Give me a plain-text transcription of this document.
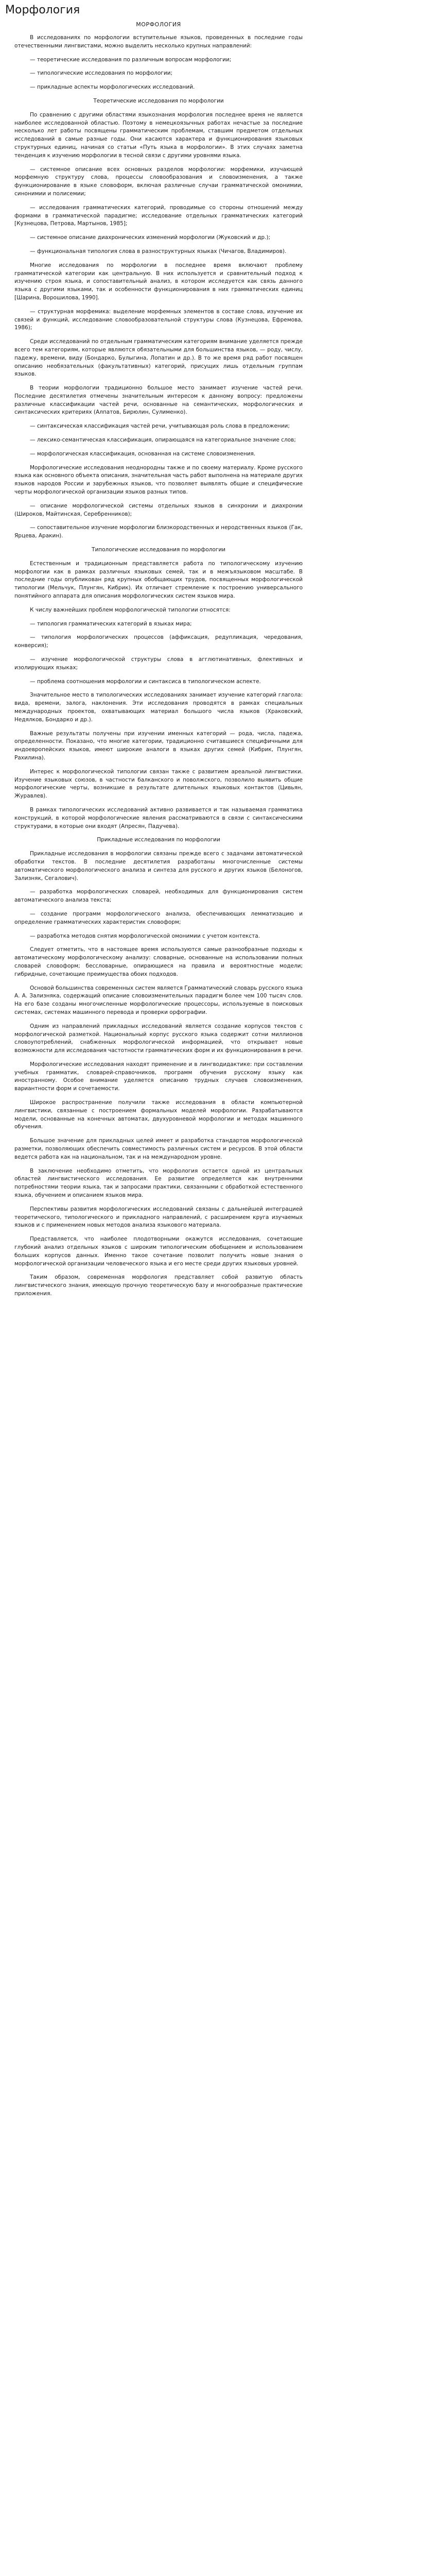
Морфология
МОРФОЛОГИЯ

В исследованиях по морфологии вступительные языков, проведенных в последние годы отечественными лингвистами, можно выделить несколько крупных направлений:

— теоретические исследования по различным вопросам морфологии;

— типологические исследования по морфологии;

— прикладные аспекты морфологических исследований.

Теоретические исследования по морфологии

По сравнению с другими областями языкознания морфология последнее время не является наиболее исследованной областью. Поэтому в немецкоязычных работах нечастые за последние несколько лет работы посвящены грамматическим проблемам, ставшим предметом отдельных исследований в самые разные годы. Они касаются характера и функционирования языковых структурных единиц, начиная со статьи «Путь языка в морфологии». В этих случаях заметна тенденция к изучению морфологии в тесной связи с другими уровнями языка.

— системное описание всех основных разделов морфологии: морфемики, изучающей морфемную структуру слова, процессы словообразования и словоизменения, а также функционирование в языке словоформ, включая различные случаи грамматической омонимии, синонимии и полисемии;

— исследования грамматических категорий, проводимые со стороны отношений между формами в грамматической парадигме; исследование отдельных грамматических категорий [Кузнецова, Петрова, Мартынов, 1985];

— системное описание диахронических изменений морфологии (Жуковский и др.);

— функциональная типология слова в разноструктурных языках (Чичагов, Владимиров).

Многие исследования по морфологии в последнее время включают проблему грамматической категории как центральную. В них используется и сравнительный подход к изучению строя языка, и сопоставительный анализ, в котором исследуется как связь данного языка с другими языками, так и особенности функционирования в них грамматических единиц [Шарина, Ворошилова, 1990].

— структурная морфемика: выделение морфемных элементов в составе слова, изучение их связей и функций, исследование словообразовательной структуры слова (Кузнецова, Ефремова, 1986);

Среди исследований по отдельным грамматическим категориям внимание уделяется прежде всего тем категориям, которые являются обязательными для большинства языков, — роду, числу, падежу, времени, виду (Бондарко, Булыгина, Лопатин и др.). В то же время ряд работ посвящен описанию необязательных (факультативных) категорий, присущих лишь отдельным группам языков.

В теории морфологии традиционно большое место занимает изучение частей речи. Последние десятилетия отмечены значительным интересом к данному вопросу: предложены различные классификации частей речи, основанные на семантических, морфологических и синтаксических критериях (Алпатов, Бирюлин, Сулименко).

— синтаксическая классификация частей речи, учитывающая роль слова в предложении;

— лексико-семантическая классификация, опирающаяся на категориальное значение слов;

— морфологическая классификация, основанная на системе словоизменения.

Морфологические исследования неоднородны также и по своему материалу. Кроме русского языка как основного объекта описания, значительная часть работ выполнена на материале других языков народов России и зарубежных языков, что позволяет выявлять общие и специфические черты морфологической организации языков разных типов.

— описание морфологической системы отдельных языков в синхронии и диахронии (Широков, Майтинская, Серебренников);

— сопоставительное изучение морфологии близкородственных и неродственных языков (Гак, Ярцева, Аракин).

Типологические исследования по морфологии

Естественным и традиционным представляется работа по типологическому изучению морфологии как в рамках различных языковых семей, так и в межъязыковом масштабе. В последние годы опубликован ряд крупных обобщающих трудов, посвященных морфологической типологии (Мельчук, Плунгян, Кибрик). Их отличает стремление к построению универсального понятийного аппарата для описания морфологических систем языков мира.

К числу важнейших проблем морфологической типологии относятся:

— типология грамматических категорий в языках мира;

— типология морфологических процессов (аффиксация, редупликация, чередования, конверсия);

— изучение морфологической структуры слова в агглютинативных, флективных и изолирующих языках;

— проблема соотношения морфологии и синтаксиса в типологическом аспекте.

Значительное место в типологических исследованиях занимает изучение категорий глагола: вида, времени, залога, наклонения. Эти исследования проводятся в рамках специальных международных проектов, охватывающих материал большого числа языков (Храковский, Недялков, Бондарко и др.).

Важные результаты получены при изучении именных категорий — рода, числа, падежа, определенности. Показано, что многие категории, традиционно считавшиеся специфичными для индоевропейских языков, имеют широкие аналоги в языках других семей (Кибрик, Плунгян, Рахилина).

Интерес к морфологической типологии связан также с развитием ареальной лингвистики. Изучение языковых союзов, в частности балканского и поволжского, позволило выявить общие морфологические черты, возникшие в результате длительных языковых контактов (Цивьян, Журавлев).

В рамках типологических исследований активно развивается и так называемая грамматика конструкций, в которой морфологические явления рассматриваются в связи с синтаксическими структурами, в которые они входят (Апресян, Падучева).

Прикладные исследования по морфологии

Прикладные исследования в морфологии связаны прежде всего с задачами автоматической обработки текстов. В последние десятилетия разработаны многочисленные системы автоматического морфологического анализа и синтеза для русского и других языков (Белоногов, Зализняк, Сегалович).

— разработка морфологических словарей, необходимых для функционирования систем автоматического анализа текста;

— создание программ морфологического анализа, обеспечивающих лемматизацию и определение грамматических характеристик словоформ;

— разработка методов снятия морфологической омонимии с учетом контекста.

Следует отметить, что в настоящее время используются самые разнообразные подходы к автоматическому морфологическому анализу: словарные, основанные на использовании полных словарей словоформ; бессловарные, опирающиеся на правила и вероятностные модели; гибридные, сочетающие преимущества обоих подходов.

Основой большинства современных систем является Грамматический словарь русского языка А. А. Зализняка, содержащий описание словоизменительных парадигм более чем 100 тысяч слов. На его базе созданы многочисленные морфологические процессоры, используемые в поисковых системах, системах машинного перевода и проверки орфографии.

Одним из направлений прикладных исследований является создание корпусов текстов с морфологической разметкой. Национальный корпус русского языка содержит сотни миллионов словоупотреблений, снабженных морфологической информацией, что открывает новые возможности для исследования частотности грамматических форм и их функционирования в речи.

Морфологические исследования находят применение и в лингводидактике: при составлении учебных грамматик, словарей-справочников, программ обучения русскому языку как иностранному. Особое внимание уделяется описанию трудных случаев словоизменения, вариантности форм и сочетаемости.

Широкое распространение получили также исследования в области компьютерной лингвистики, связанные с построением формальных моделей морфологии. Разрабатываются модели, основанные на конечных автоматах, двухуровневой морфологии и методах машинного обучения.

Большое значение для прикладных целей имеет и разработка стандартов морфологической разметки, позволяющих обеспечить совместимость различных систем и ресурсов. В этой области ведется работа как на национальном, так и на международном уровне.

В заключение необходимо отметить, что морфология остается одной из центральных областей лингвистического исследования. Ее развитие определяется как внутренними потребностями теории языка, так и запросами практики, связанными с обработкой естественного языка, обучением и описанием языков мира.

Перспективы развития морфологических исследований связаны с дальнейшей интеграцией теоретического, типологического и прикладного направлений, с расширением круга изучаемых языков и с применением новых методов анализа языкового материала.

Представляется, что наиболее плодотворными окажутся исследования, сочетающие глубокий анализ отдельных языков с широким типологическим обобщением и использованием больших корпусов данных. Именно такое сочетание позволит получить новые знания о морфологической организации человеческого языка и его месте среди других языковых уровней.

Таким образом, современная морфология представляет собой развитую область лингвистического знания, имеющую прочную теоретическую базу и многообразные практические приложения.
